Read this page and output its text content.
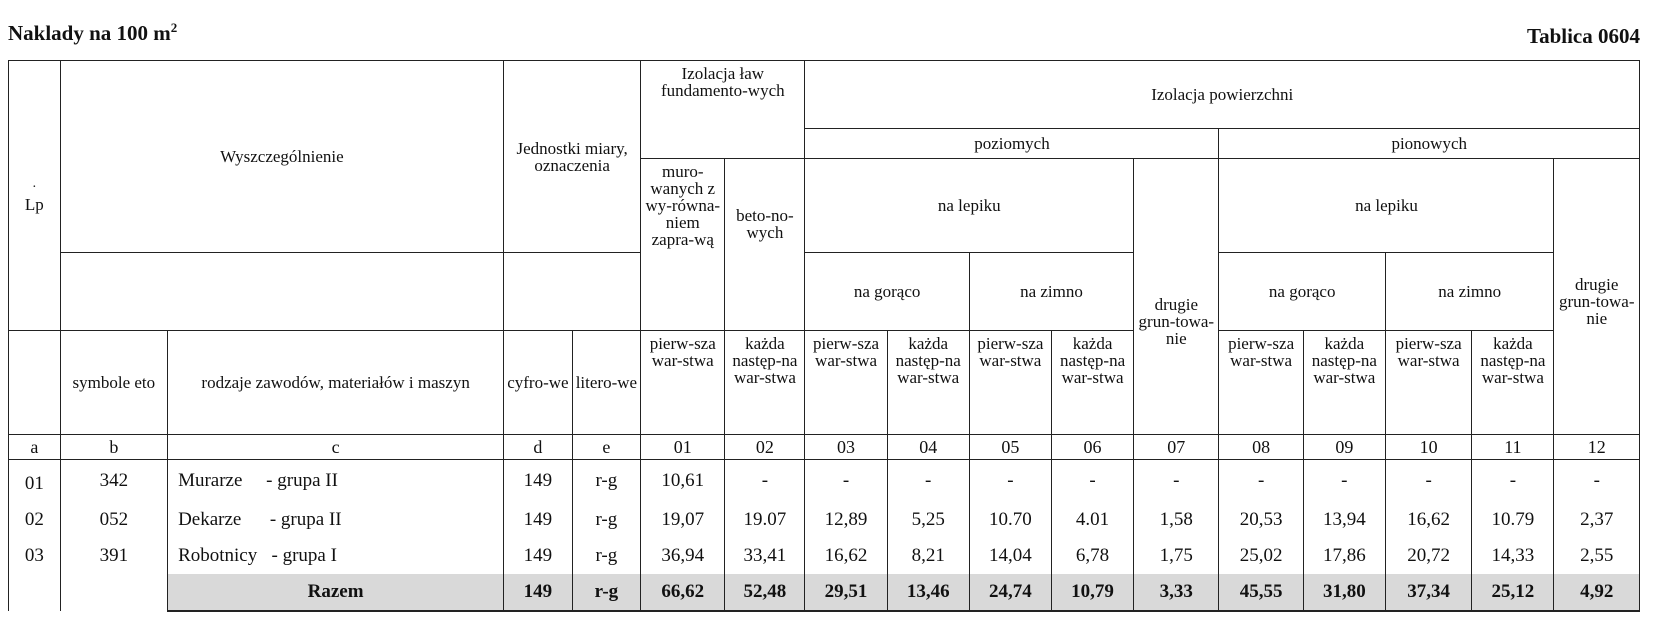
Naklady na 100 $m^2$	Tablica 0604
·
Lp	Wyszczególnienie		Jednostki miary, oznaczenia		Izolacja ław fundamento-wych		Izolacja powierzchni									
							poziomych					pionowych				
					muro-wanych z wy-równa-niem zapra-wą	beto-no-wych	na lepiku				drugie grun-towa-nie	na lepiku				drugie grun-towa-nie
							na gorąco		na zimno			na gorąco		na zimno		
	symbole eto	rodzaje zawodów, materiałów i maszyn	cyfro-we	litero-we	pierw-sza war-stwa	każda następ-na war-stwa	pierw-sza war-stwa	każda następ-na war-stwa	pierw-sza war-stwa	każda następ-na war-stwa		pierw-sza war-stwa	każda następ-na war-stwa	pierw-sza war-stwa	każda następ-na war-stwa	
a	b	c	d	e	01	02	03	04	05	06	07	08	09	10	11	12
01	342	Murarze     - grupa II	149	r-g	10,61	-	-	-	-	-	-	-	-	-	-	-
02	052	Dekarze      - grupa II	149	r-g	19,07	19.07	12,89	5,25	10.70	4.01	1,58	20,53	13,94	16,62	10.79	2,37
03	391	Robotnicy   - grupa I	149	r-g	36,94	33,41	16,62	8,21	14,04	6,78	1,75	25,02	17,86	20,72	14,33	2,55
		Razem	149	r-g	66,62	52,48	29,51	13,46	24,74	10,79	3,33	45,55	31,80	37,34	25,12	4,92
